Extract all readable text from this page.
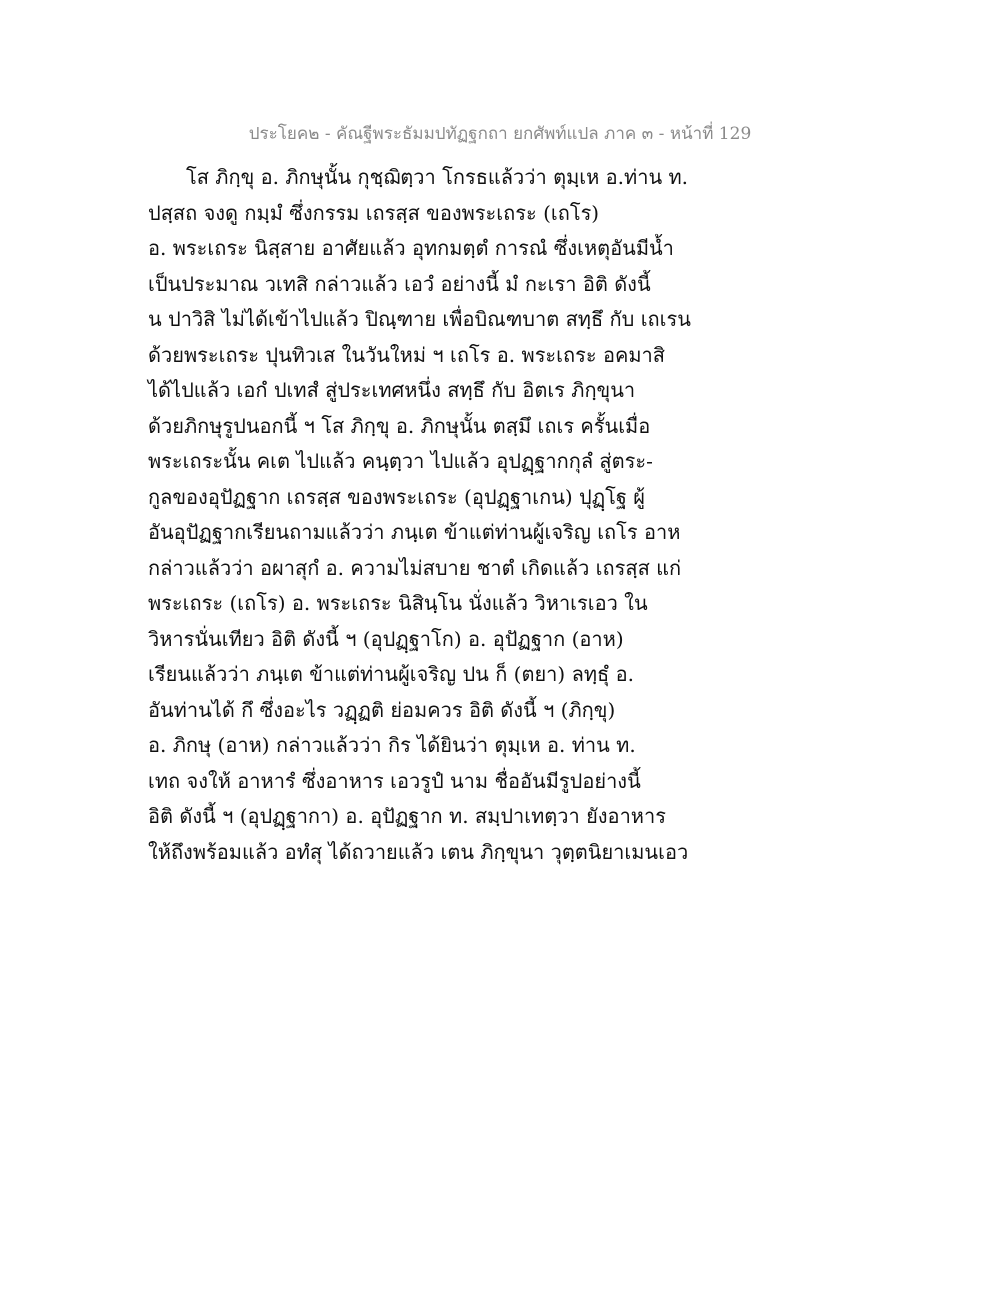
ประโยค๒ - คัณฐีพระธัมมปทัฏฐกถา ยกศัพท์แปล ภาค ๓ - หน้าที่ 129
โส ภิกฺขุ อ. ภิกษุนั้น กุชฺฌิตฺวา โกรธแล้วว่า ตุมฺเห อ.ท่าน ท.
ปสฺสถ จงดู กมฺมํ ซึ่งกรรม เถรสฺส ของพระเถระ (เถโร)
อ. พระเถระ นิสฺสาย อาศัยแล้ว อุทกมตฺตํ การณํ ซึ่งเหตุอันมีน้ำ
เป็นประมาณ วเทสิ กล่าวแล้ว เอวํ อย่างนี้ มํ กะเรา อิติ ดังนี้
น ปาวิสิ ไม่ได้เข้าไปแล้ว ปิณฺฑาย เพื่อบิณฑบาต สทฺธึ กับ เถเรน
ด้วยพระเถระ ปุนทิวเส ในวันใหม่ ฯ เถโร อ. พระเถระ อคมาสิ
ได้ไปแล้ว เอกํ ปเทสํ สู่ประเทศหนึ่ง สทฺธึ กับ อิตเร ภิกฺขุนา
ด้วยภิกษุรูปนอกนี้ ฯ โส ภิกฺขุ อ. ภิกษุนั้น ตสฺมึ เถเร ครั้นเมื่อ
พระเถระนั้น คเต ไปแล้ว คนฺตฺวา ไปแล้ว อุปฏฺฐากกุลํ สู่ตระ-
กูลของอุปัฏฐาก เถรสฺส ของพระเถระ (อุปฏฺฐาเกน) ปุฏฺโฐ ผู้
อันอุปัฏฐากเรียนถามแล้วว่า ภนฺเต ข้าแต่ท่านผู้เจริญ เถโร อาห
กล่าวแล้วว่า อผาสุกํ อ. ความไม่สบาย ชาตํ เกิดแล้ว เถรสฺส แก่
พระเถระ (เถโร) อ. พระเถระ นิสินฺโน นั่งแล้ว วิหาเรเอว ใน
วิหารนั่นเทียว อิติ ดังนี้ ฯ (อุปฏฺฐาโก) อ. อุปัฏฐาก (อาห)
เรียนแล้วว่า ภนฺเต ข้าแต่ท่านผู้เจริญ ปน ก็ (ตยา) ลทฺธุํ อ.
อันท่านได้ กึ ซึ่งอะไร วฏฺฏติ ย่อมควร อิติ ดังนี้ ฯ (ภิกฺขุ)
อ. ภิกษุ (อาห) กล่าวแล้วว่า กิร ได้ยินว่า ตุมฺเห อ. ท่าน ท.
เทถ จงให้ อาหารํ ซึ่งอาหาร เอวรูปํ นาม ชื่ออันมีรูปอย่างนี้
อิติ ดังนี้ ฯ (อุปฏฺฐากา) อ. อุปัฏฐาก ท. สมฺปาเทตฺวา ยังอาหาร
ให้ถึงพร้อมแล้ว อทํสุ ได้ถวายแล้ว เตน ภิกฺขุนา วุตฺตนิยาเมนเอว
